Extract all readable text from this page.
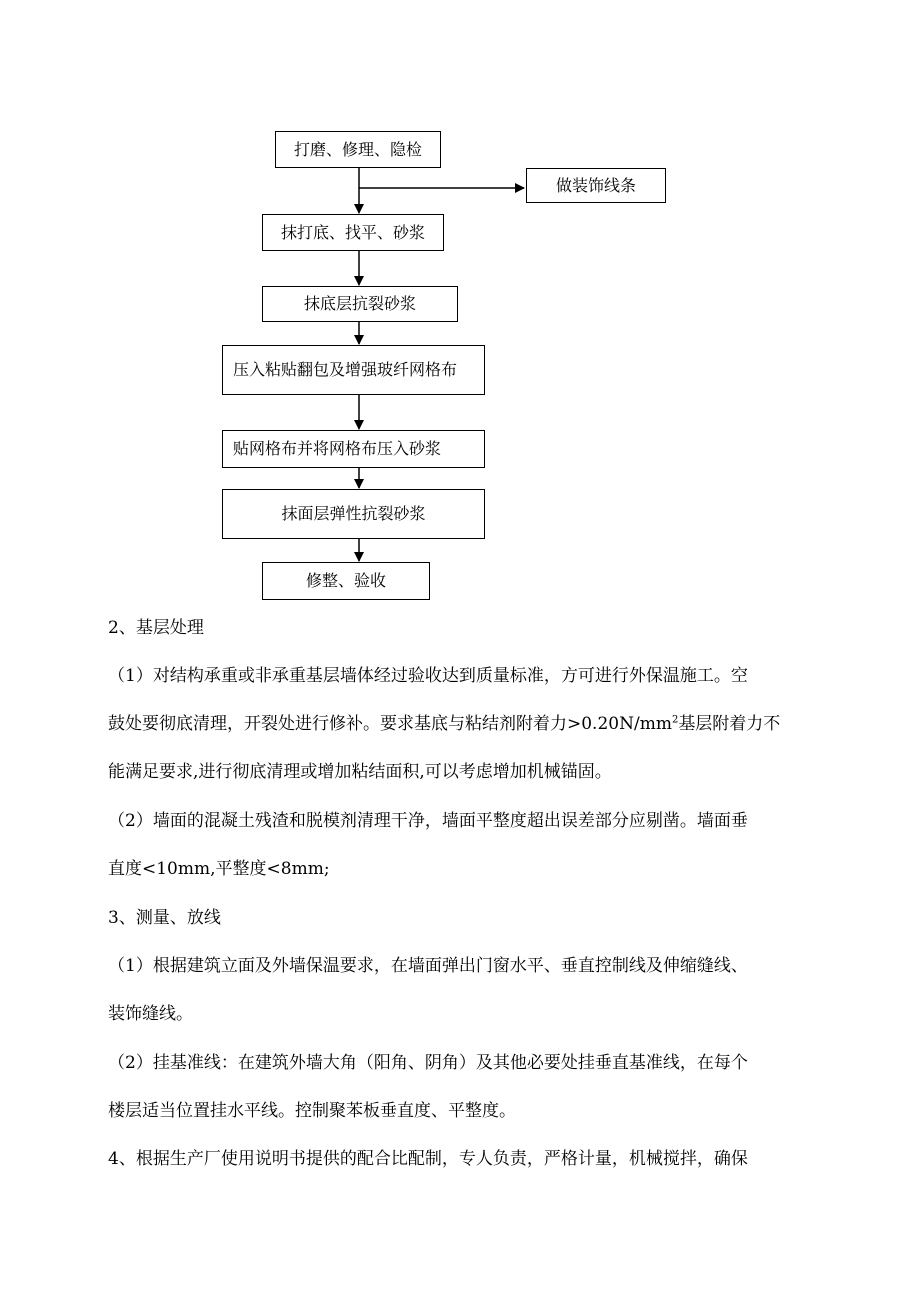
打磨、修理、隐检
做装饰线条
抹打底、找平、砂浆
抹底层抗裂砂浆
压入粘贴翻包及增强玻纤网格布
贴网格布并将网格布压入砂浆
抹面层弹性抗裂砂浆
修整、验收
2、基层处理
（1）对结构承重或非承重基层墙体经过验收达到质量标准，方可进行外保温施工。空
鼓处要彻底清理，开裂处进行修补。要求基底与粘结剂附着力$>0.20N/mm^2$基层附着力不
能满足要求,进行彻底清理或增加粘结面积,可以考虑增加机械锚固。
（2）墙面的混凝土残渣和脱模剂清理干净，墙面平整度超出误差部分应剔凿。墙面垂
直度<10mm,平整度<8mm;
3、测量、放线
（1）根据建筑立面及外墙保温要求，在墙面弹出门窗水平、垂直控制线及伸缩缝线、
装饰缝线。
（2）挂基准线：在建筑外墙大角（阳角、阴角）及其他必要处挂垂直基准线，在每个
楼层适当位置挂水平线。控制聚苯板垂直度、平整度。
4、根据生产厂使用说明书提供的配合比配制，专人负责，严格计量，机械搅拌，确保
